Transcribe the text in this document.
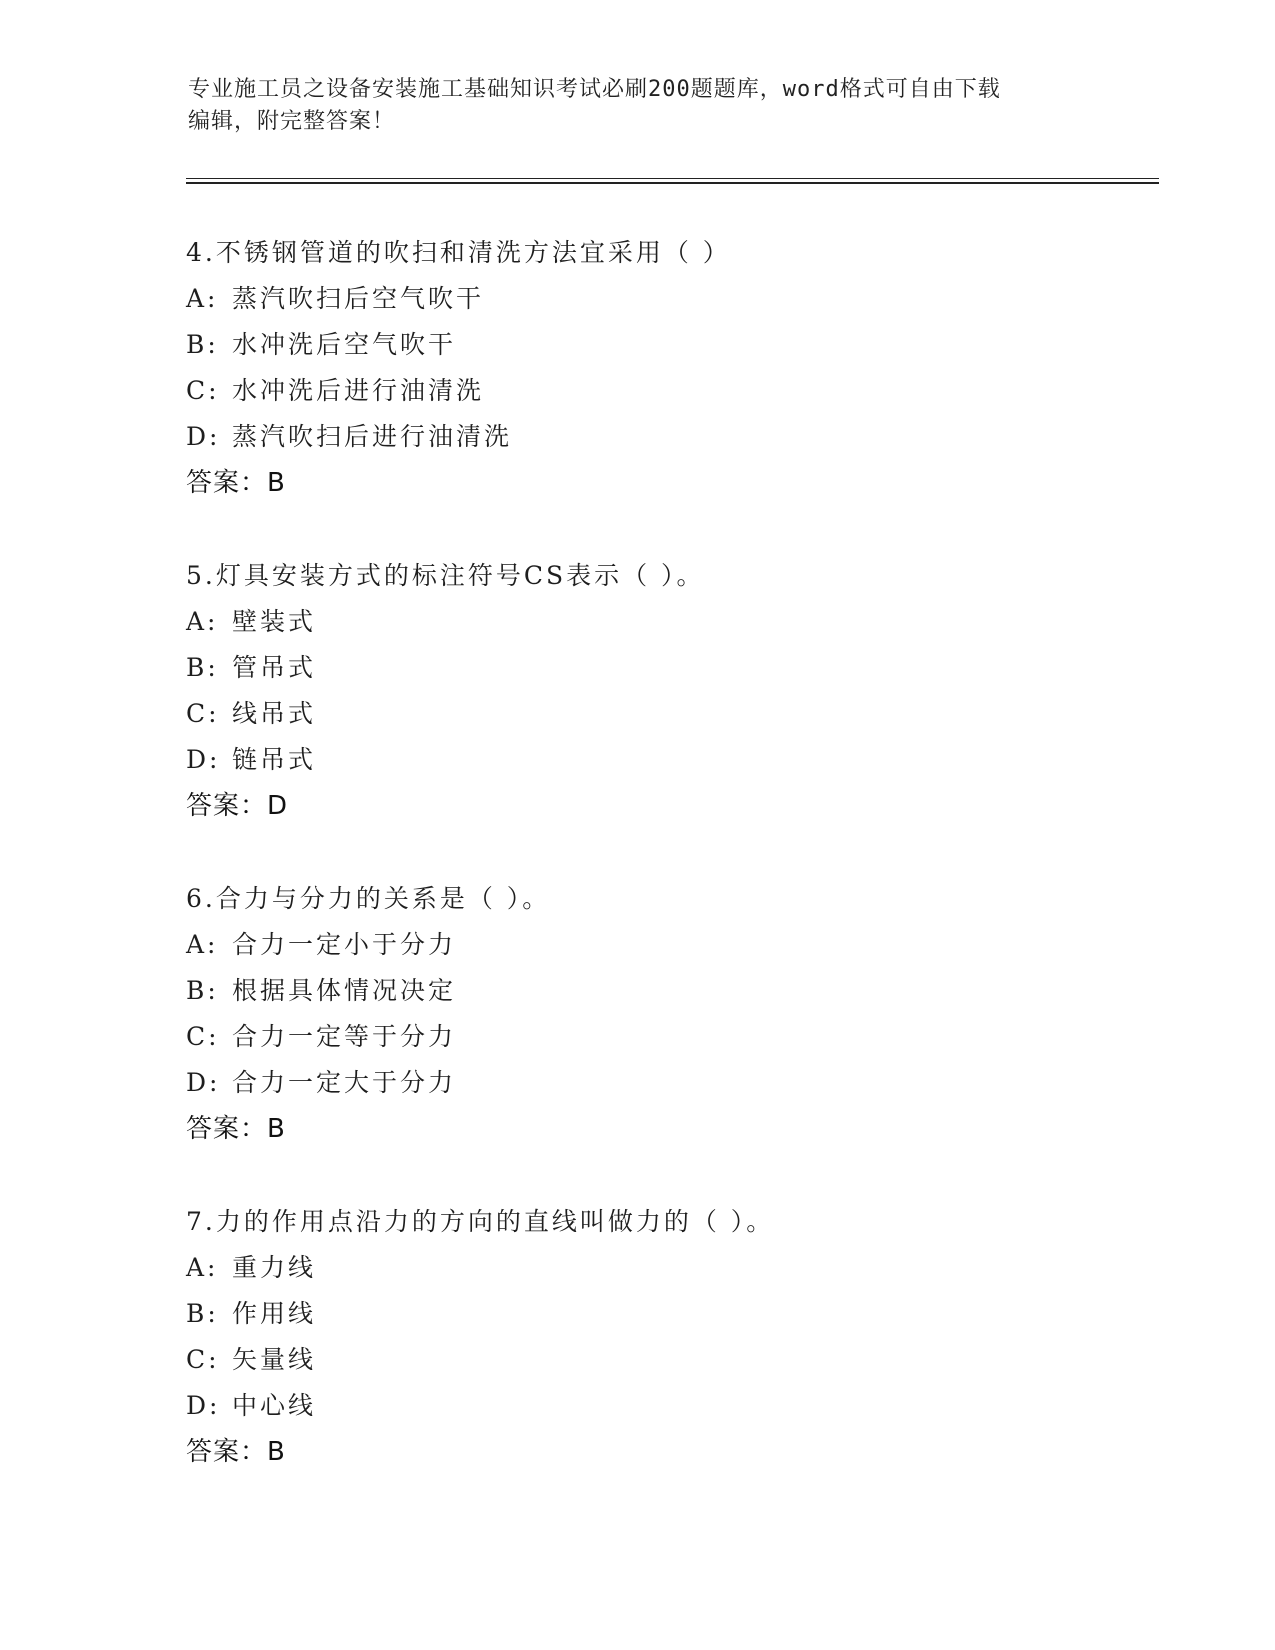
专业施工员之设备安装施工基础知识考试必刷200题题库，word格式可自由下载
编辑，附完整答案！
4.不锈钢管道的吹扫和清洗方法宜采用（ ）
A: 蒸汽吹扫后空气吹干
B: 水冲洗后空气吹干
C: 水冲洗后进行油清洗
D: 蒸汽吹扫后进行油清洗
答案：B
5.灯具安装方式的标注符号CS表示（ ）。
A: 壁装式
B: 管吊式
C: 线吊式
D: 链吊式
答案：D
6.合力与分力的关系是（ ）。
A: 合力一定小于分力
B: 根据具体情况决定
C: 合力一定等于分力
D: 合力一定大于分力
答案：B
7.力的作用点沿力的方向的直线叫做力的（ ）。
A: 重力线
B: 作用线
C: 矢量线
D: 中心线
答案：B
